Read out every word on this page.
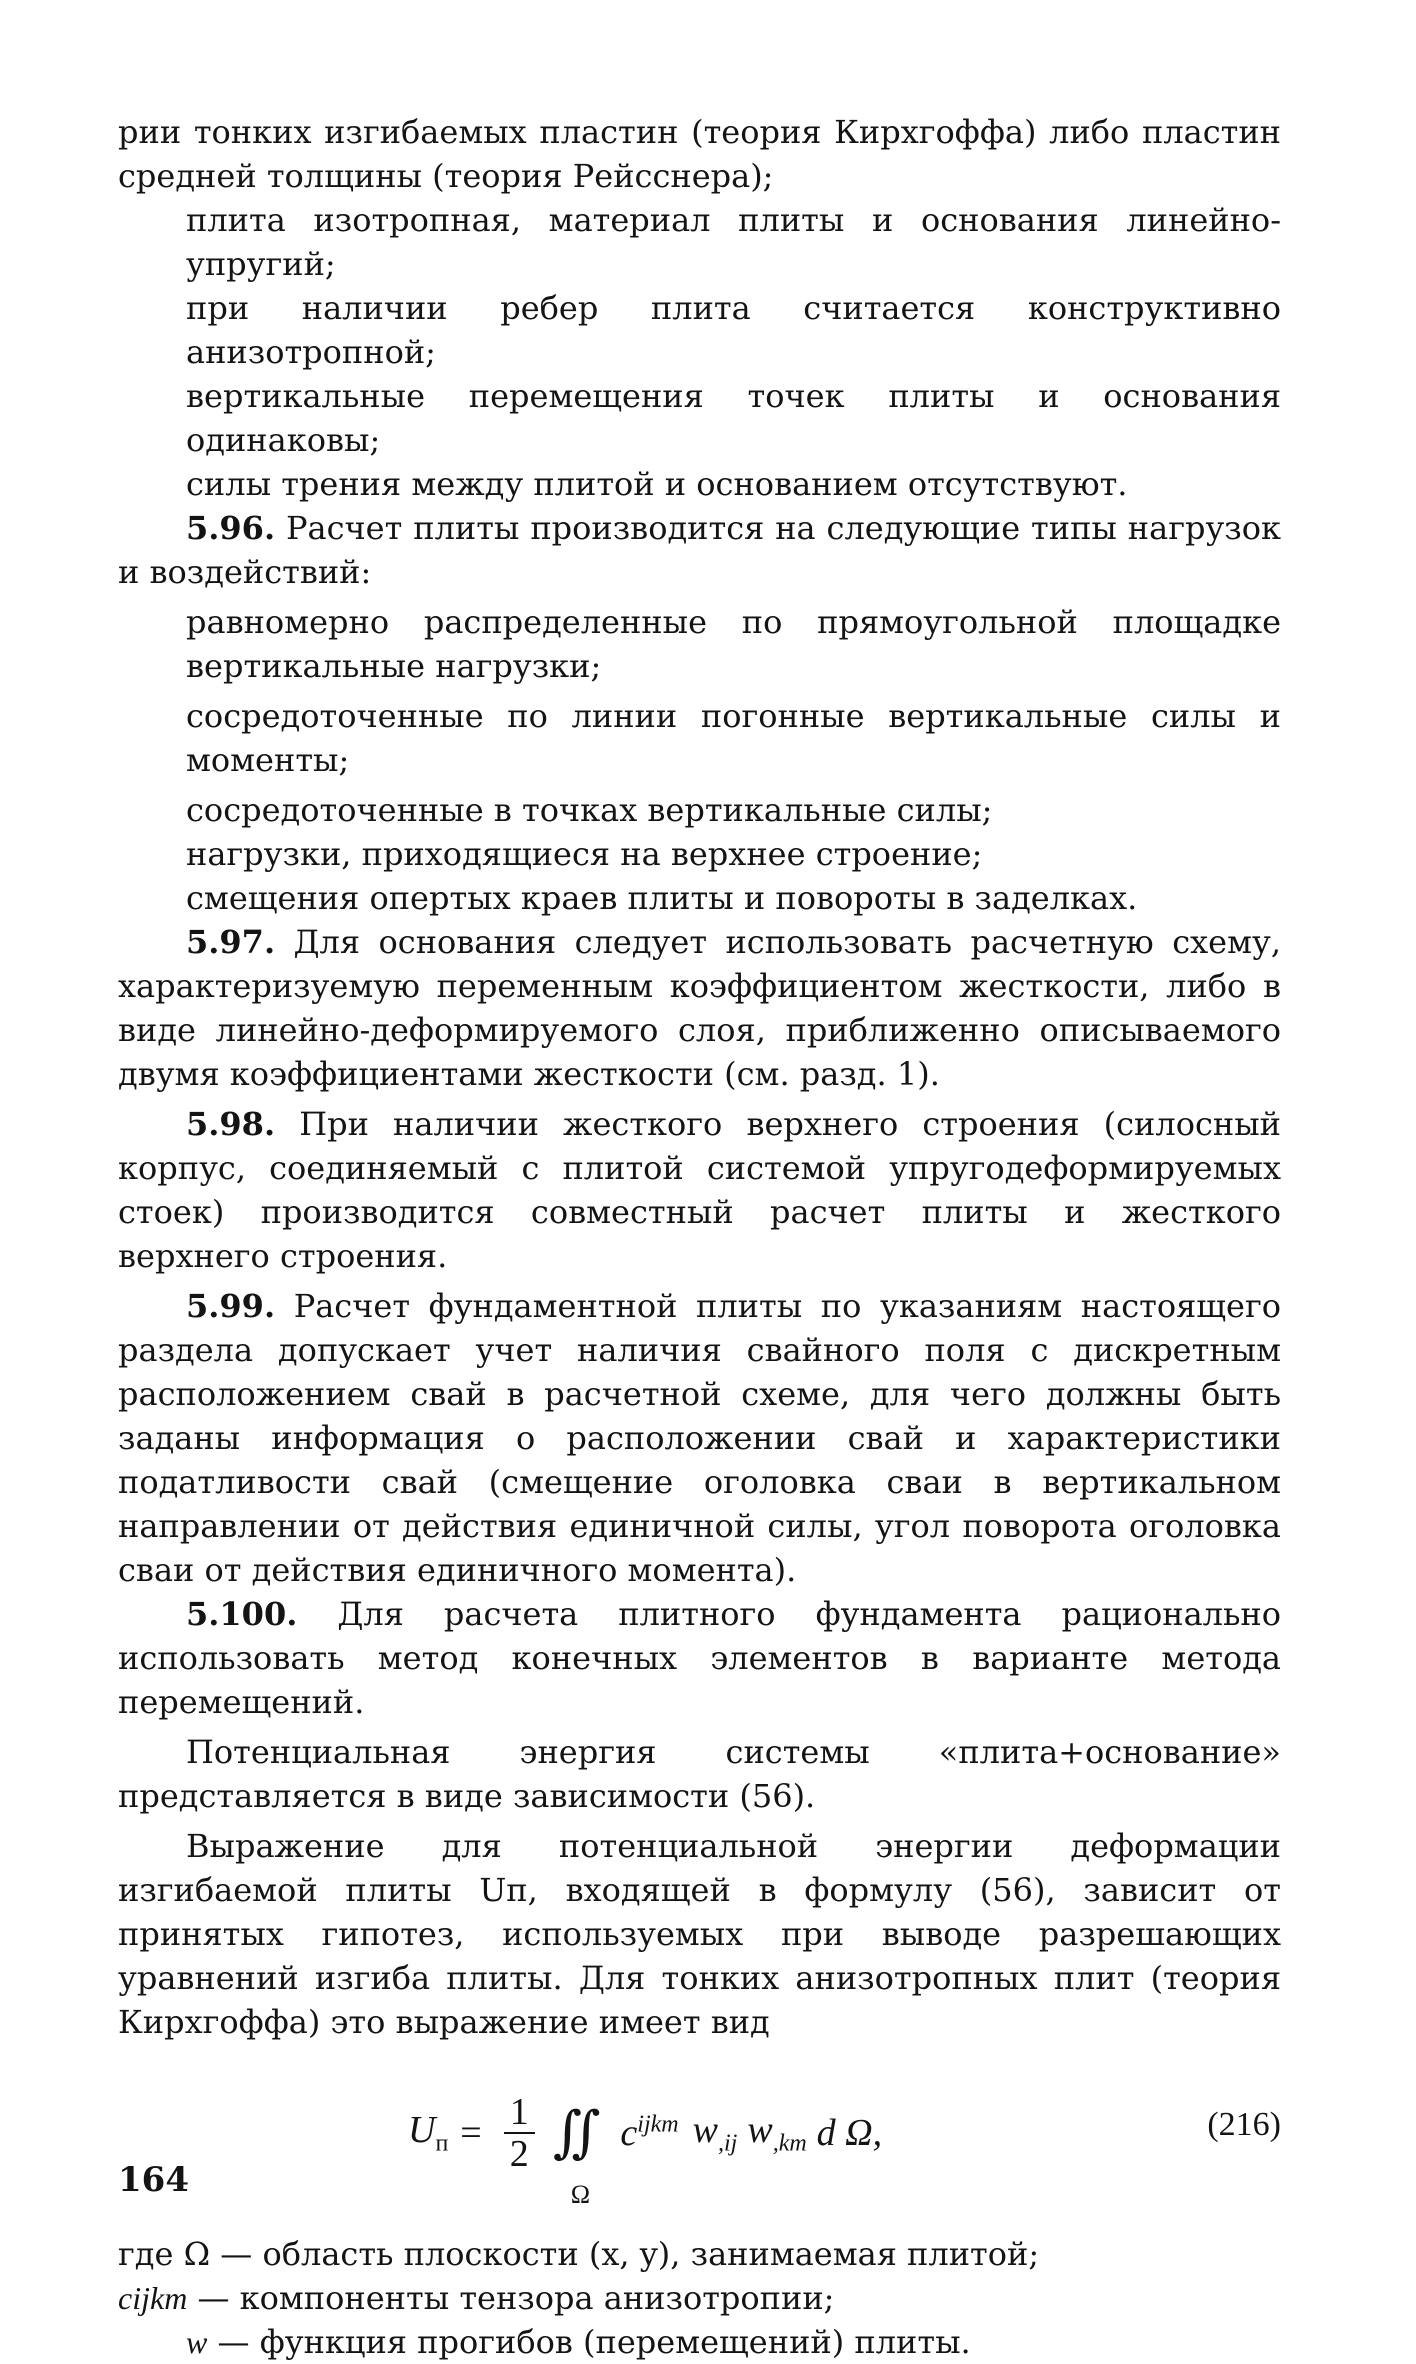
рии тонких изгибаемых пластин (теория Кирхгоффа) либо пластин средней толщины (теория Рейсснера);

плита изотропная, материал плиты и основания линейно-упругий;

при наличии ребер плита считается конструктивно анизотропной;

вертикальные перемещения точек плиты и основания одинаковы;

силы трения между плитой и основанием отсутствуют.

5.96. Расчет плиты производится на следующие типы нагрузок и воздействий:

равномерно распределенные по прямоугольной площадке вертикальные нагрузки;

сосредоточенные по линии погонные вертикальные силы и моменты;

сосредоточенные в точках вертикальные силы;

нагрузки, приходящиеся на верхнее строение;

смещения опертых краев плиты и повороты в заделках.

5.97. Для основания следует использовать расчетную схему, характеризуемую переменным коэффициентом жесткости, либо в виде линейно-деформируемого слоя, приближенно описываемого двумя коэффициентами жесткости (см. разд. 1).

5.98. При наличии жесткого верхнего строения (силосный корпус, соединяемый с плитой системой упругодеформируемых стоек) производится совместный расчет плиты и жесткого верхнего строения.

5.99. Расчет фундаментной плиты по указаниям настоящего раздела допускает учет наличия свайного поля с дискретным расположением свай в расчетной схеме, для чего должны быть заданы информация о расположении свай и характеристики податливости свай (смещение оголовка сваи в вертикальном направлении от действия единичной силы, угол поворота оголовка сваи от действия единичного момента).

5.100. Для расчета плитного фундамента рационально использовать метод конечных элементов в варианте метода перемещений.

Потенциальная энергия системы «плита+основание» представляется в виде зависимости (56).

Выражение для потенциальной энергии деформации изгибаемой плиты Uп, входящей в формулу (56), зависит от принятых гипотез, используемых при выводе разрешающих уравнений изгиба плиты. Для тонких анизотропных плит (теория Кирхгоффа) это выражение имеет вид

$U_п = \frac{1}{2}$ ∬
Ω
$c^{ijkm}$ $w_{,ij}$ $w_{,km}$ d Ω,	(216)
где Ω — область плоскости (x, y), занимаемая плитой;
cijkm — компоненты тензора анизотропии;
w — функция прогибов (перемещений) плиты.
164
